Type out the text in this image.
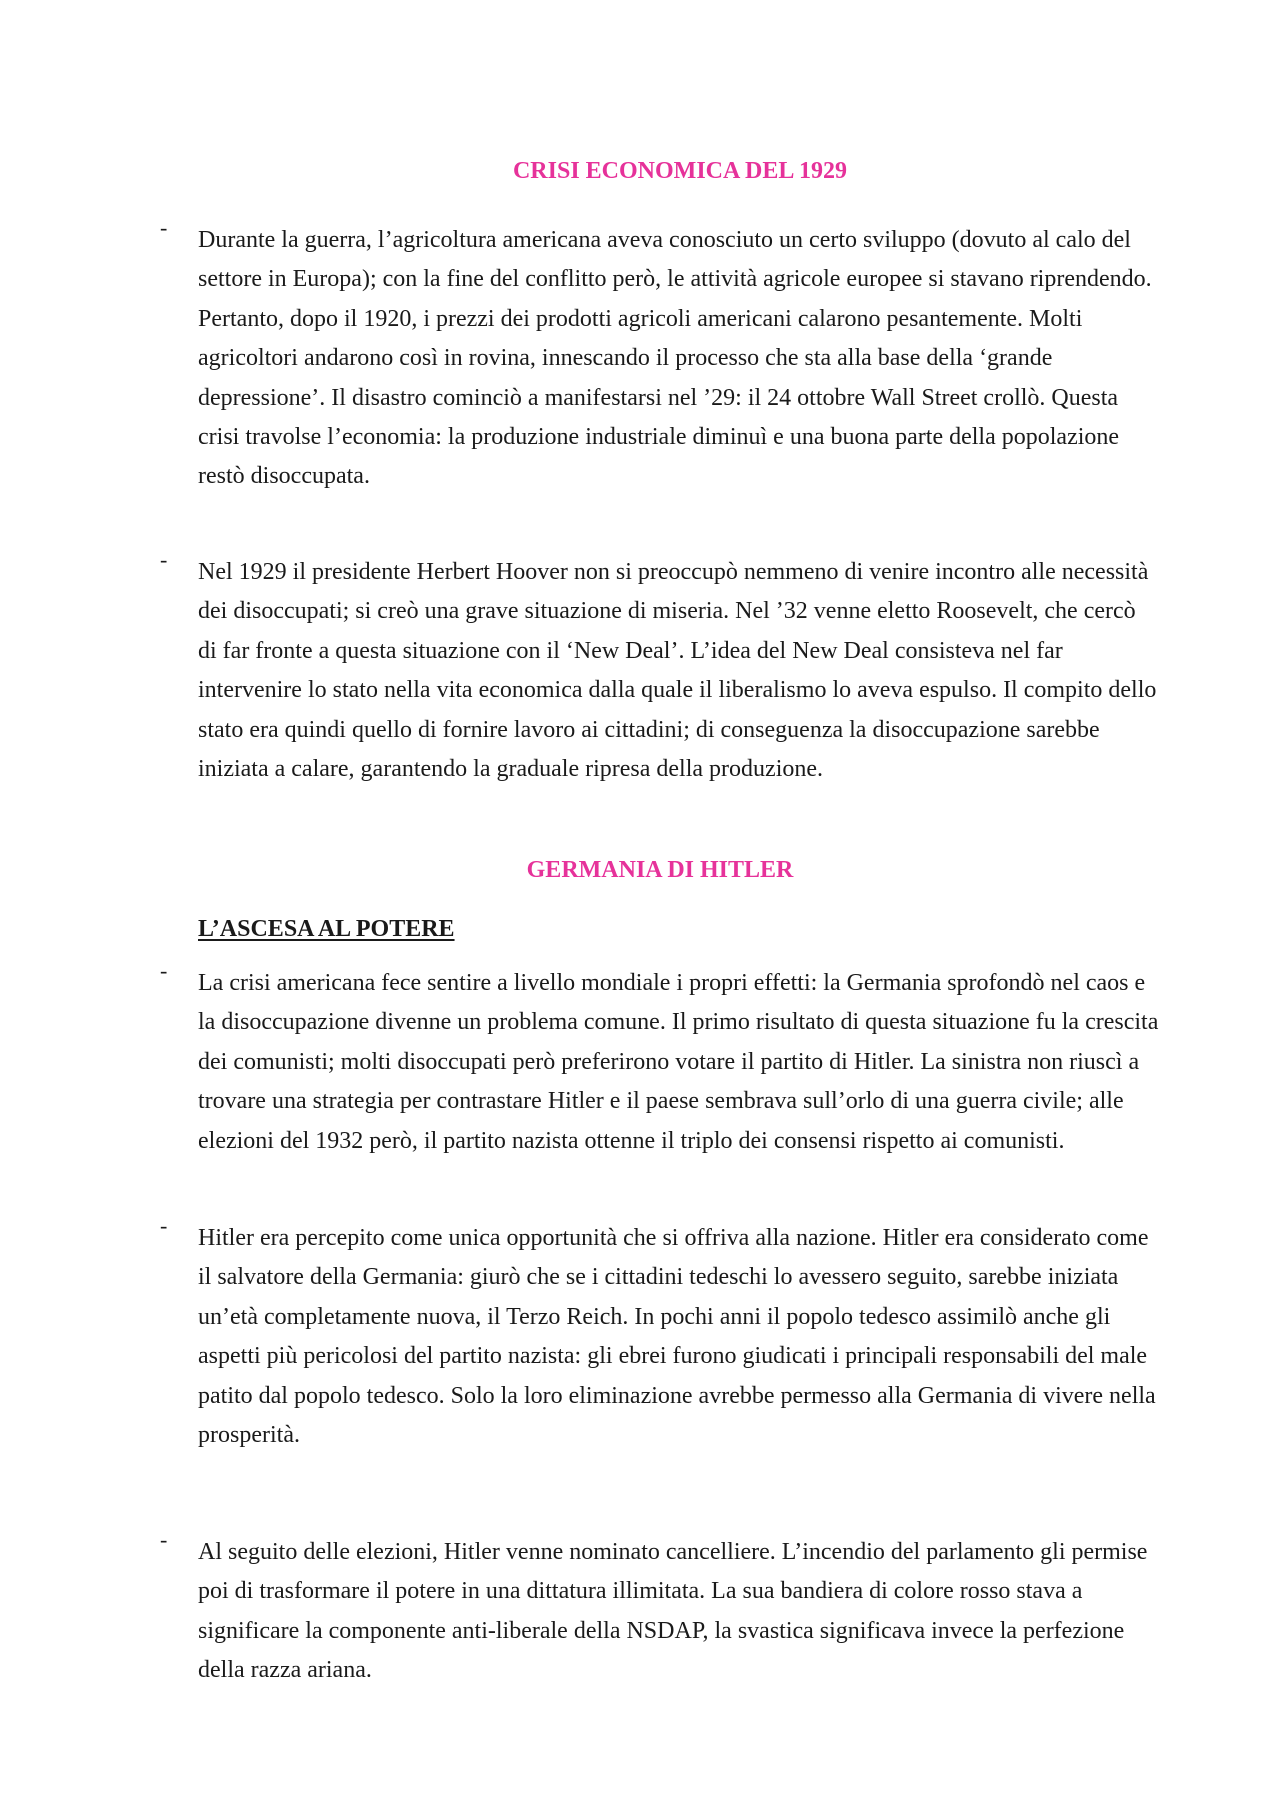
CRISI ECONOMICA DEL 1929
- Durante la guerra, l’agricoltura americana aveva conosciuto un certo sviluppo (dovuto al calo del settore in Europa); con la fine del conflitto però, le attività agricole europee si stavano riprendendo. Pertanto, dopo il 1920, i prezzi dei prodotti agricoli americani calarono pesantemente. Molti agricoltori andarono così in rovina, innescando il processo che sta alla base della ‘grande depressione’. Il disastro cominciò a manifestarsi nel ’29: il 24 ottobre Wall Street crollò. Questa crisi travolse l’economia: la produzione industriale diminuì e una buona parte della popolazione restò disoccupata.
- Nel 1929 il presidente Herbert Hoover non si preoccupò nemmeno di venire incontro alle necessità dei disoccupati; si creò una grave situazione di miseria. Nel ’32 venne eletto Roosevelt, che cercò di far fronte a questa situazione con il ‘New Deal’. L’idea del New Deal consisteva nel far intervenire lo stato nella vita economica dalla quale il liberalismo lo aveva espulso. Il compito dello stato era quindi quello di fornire lavoro ai cittadini; di conseguenza la disoccupazione sarebbe iniziata a calare, garantendo la graduale ripresa della produzione.
GERMANIA DI HITLER
L’ASCESA AL POTERE
- La crisi americana fece sentire a livello mondiale i propri effetti: la Germania sprofondò nel caos e la disoccupazione divenne un problema comune. Il primo risultato di questa situazione fu la crescita dei comunisti; molti disoccupati però preferirono votare il partito di Hitler. La sinistra non riuscì a trovare una strategia per contrastare Hitler e il paese sembrava sull’orlo di una guerra civile; alle elezioni del 1932 però, il partito nazista ottenne il triplo dei consensi rispetto ai comunisti.
- Hitler era percepito come unica opportunità che si offriva alla nazione. Hitler era considerato come il salvatore della Germania: giurò che se i cittadini tedeschi lo avessero seguito, sarebbe iniziata un’età completamente nuova, il Terzo Reich. In pochi anni il popolo tedesco assimilò anche gli aspetti più pericolosi del partito nazista: gli ebrei furono giudicati i principali responsabili del male patito dal popolo tedesco. Solo la loro eliminazione avrebbe permesso alla Germania di vivere nella prosperità.
- Al seguito delle elezioni, Hitler venne nominato cancelliere. L’incendio del parlamento gli permise poi di trasformare il potere in una dittatura illimitata. La sua bandiera di colore rosso stava a significare la componente anti-liberale della NSDAP, la svastica significava invece la perfezione della razza ariana.
